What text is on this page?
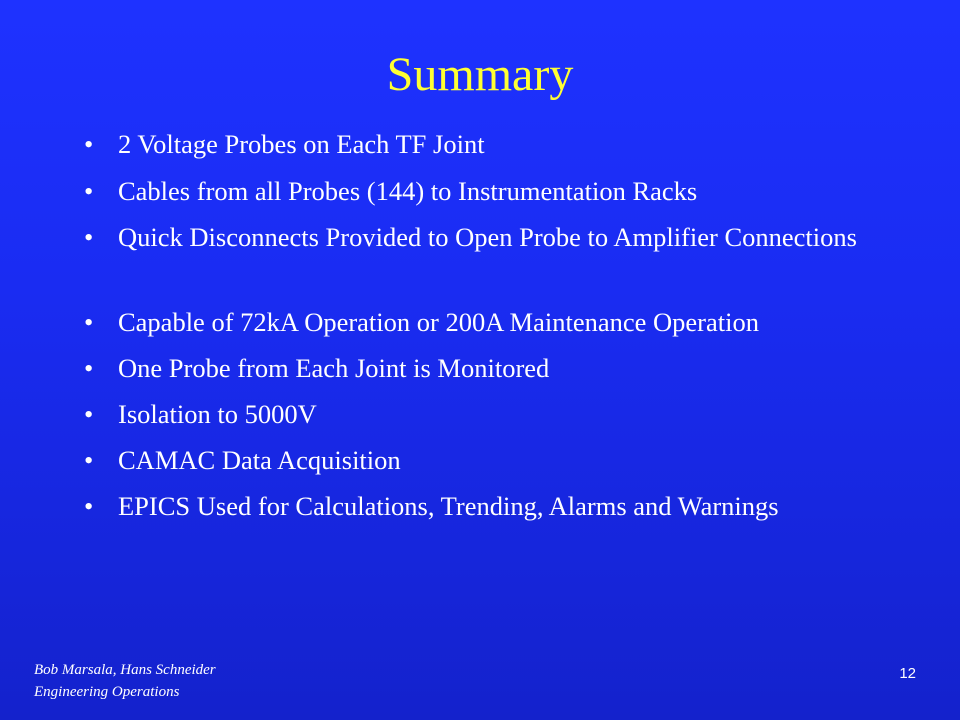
Summary
• 2 Voltage Probes on Each TF Joint
• Cables from all Probes (144) to Instrumentation Racks
• Quick Disconnects Provided to Open Probe to Amplifier Connections
• Capable of 72kA Operation or 200A Maintenance Operation
• One Probe from Each Joint is Monitored
• Isolation to 5000V
• CAMAC Data Acquisition
• EPICS Used for Calculations, Trending, Alarms and Warnings
Bob Marsala, Hans Schneider
Engineering Operations
12
